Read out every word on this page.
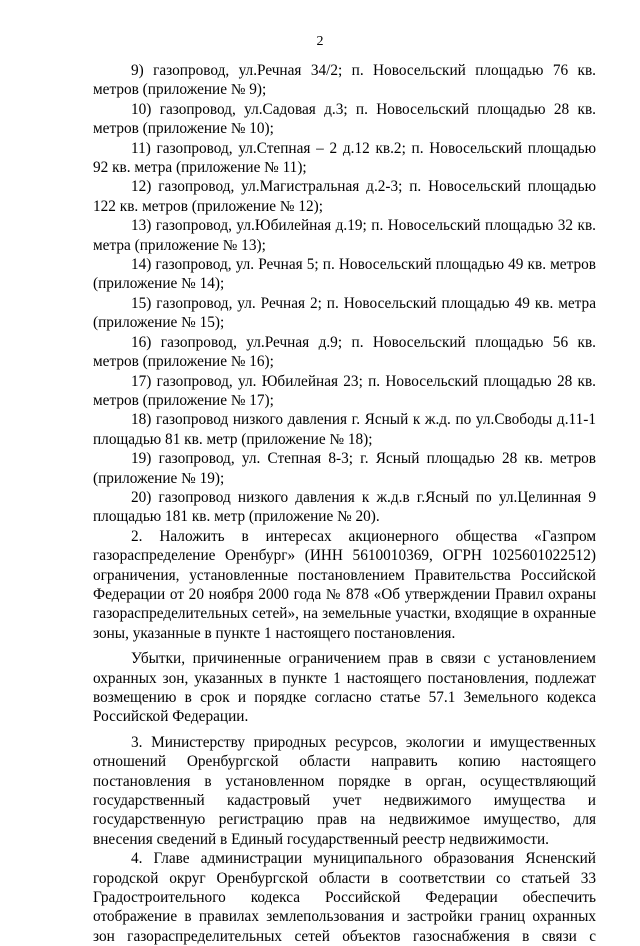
2

9) газопровод, ул.Речная 34/2; п. Новосельский площадью 76 кв. метров (приложение № 9);

10) газопровод, ул.Садовая д.3; п. Новосельский площадью 28 кв. метров (приложение № 10);

11) газопровод, ул.Степная – 2 д.12 кв.2; п. Новосельский площадью 92 кв. метра (приложение № 11);

12) газопровод, ул.Магистральная д.2-3; п. Новосельский площадью 122 кв. метров (приложение № 12);

13) газопровод, ул.Юбилейная д.19; п. Новосельский площадью 32 кв. метра (приложение № 13);

14) газопровод, ул. Речная 5; п. Новосельский площадью 49 кв. метров (приложение № 14);

15) газопровод, ул. Речная 2; п. Новосельский площадью 49 кв. метра (приложение № 15);

16) газопровод, ул.Речная д.9; п. Новосельский площадью 56 кв. метров (приложение № 16);

17) газопровод, ул. Юбилейная 23; п. Новосельский площадью 28 кв. метров (приложение № 17);

18) газопровод низкого давления г. Ясный к ж.д. по ул.Свободы д.11-1 площадью 81 кв. метр (приложение № 18);

19) газопровод, ул. Степная 8-3; г. Ясный площадью 28 кв. метров (приложение № 19);

20) газопровод низкого давления к ж.д.в г.Ясный по ул.Целинная 9 площадью 181 кв. метр (приложение № 20).

2. Наложить в интересах акционерного общества «Газпром газораспределение Оренбург» (ИНН 5610010369, ОГРН 1025601022512) ограничения, установленные постановлением Правительства Российской Федерации от 20 ноября 2000 года № 878 «Об утверждении Правил охраны газораспределительных сетей», на земельные участки, входящие в охранные зоны, указанные в пункте 1 настоящего постановления.

Убытки, причиненные ограничением прав в связи с установлением охранных зон, указанных в пункте 1 настоящего постановления, подлежат возмещению в срок и порядке согласно статье 57.1 Земельного кодекса Российской Федерации.

3. Министерству природных ресурсов, экологии и имущественных отношений Оренбургской области направить копию настоящего постановления в установленном порядке в орган, осуществляющий государственный кадастровый учет недвижимого имущества и государственную регистрацию прав на недвижимое имущество, для внесения сведений в Единый государственный реестр недвижимости.

4. Главе администрации муниципального образования Ясненский городской округ Оренбургской области в соответствии со статьей 33 Градостроительного кодекса Российской Федерации обеспечить отображение в правилах землепользования и застройки границ охранных зон газораспределительных сетей объектов газоснабжения в связи с
